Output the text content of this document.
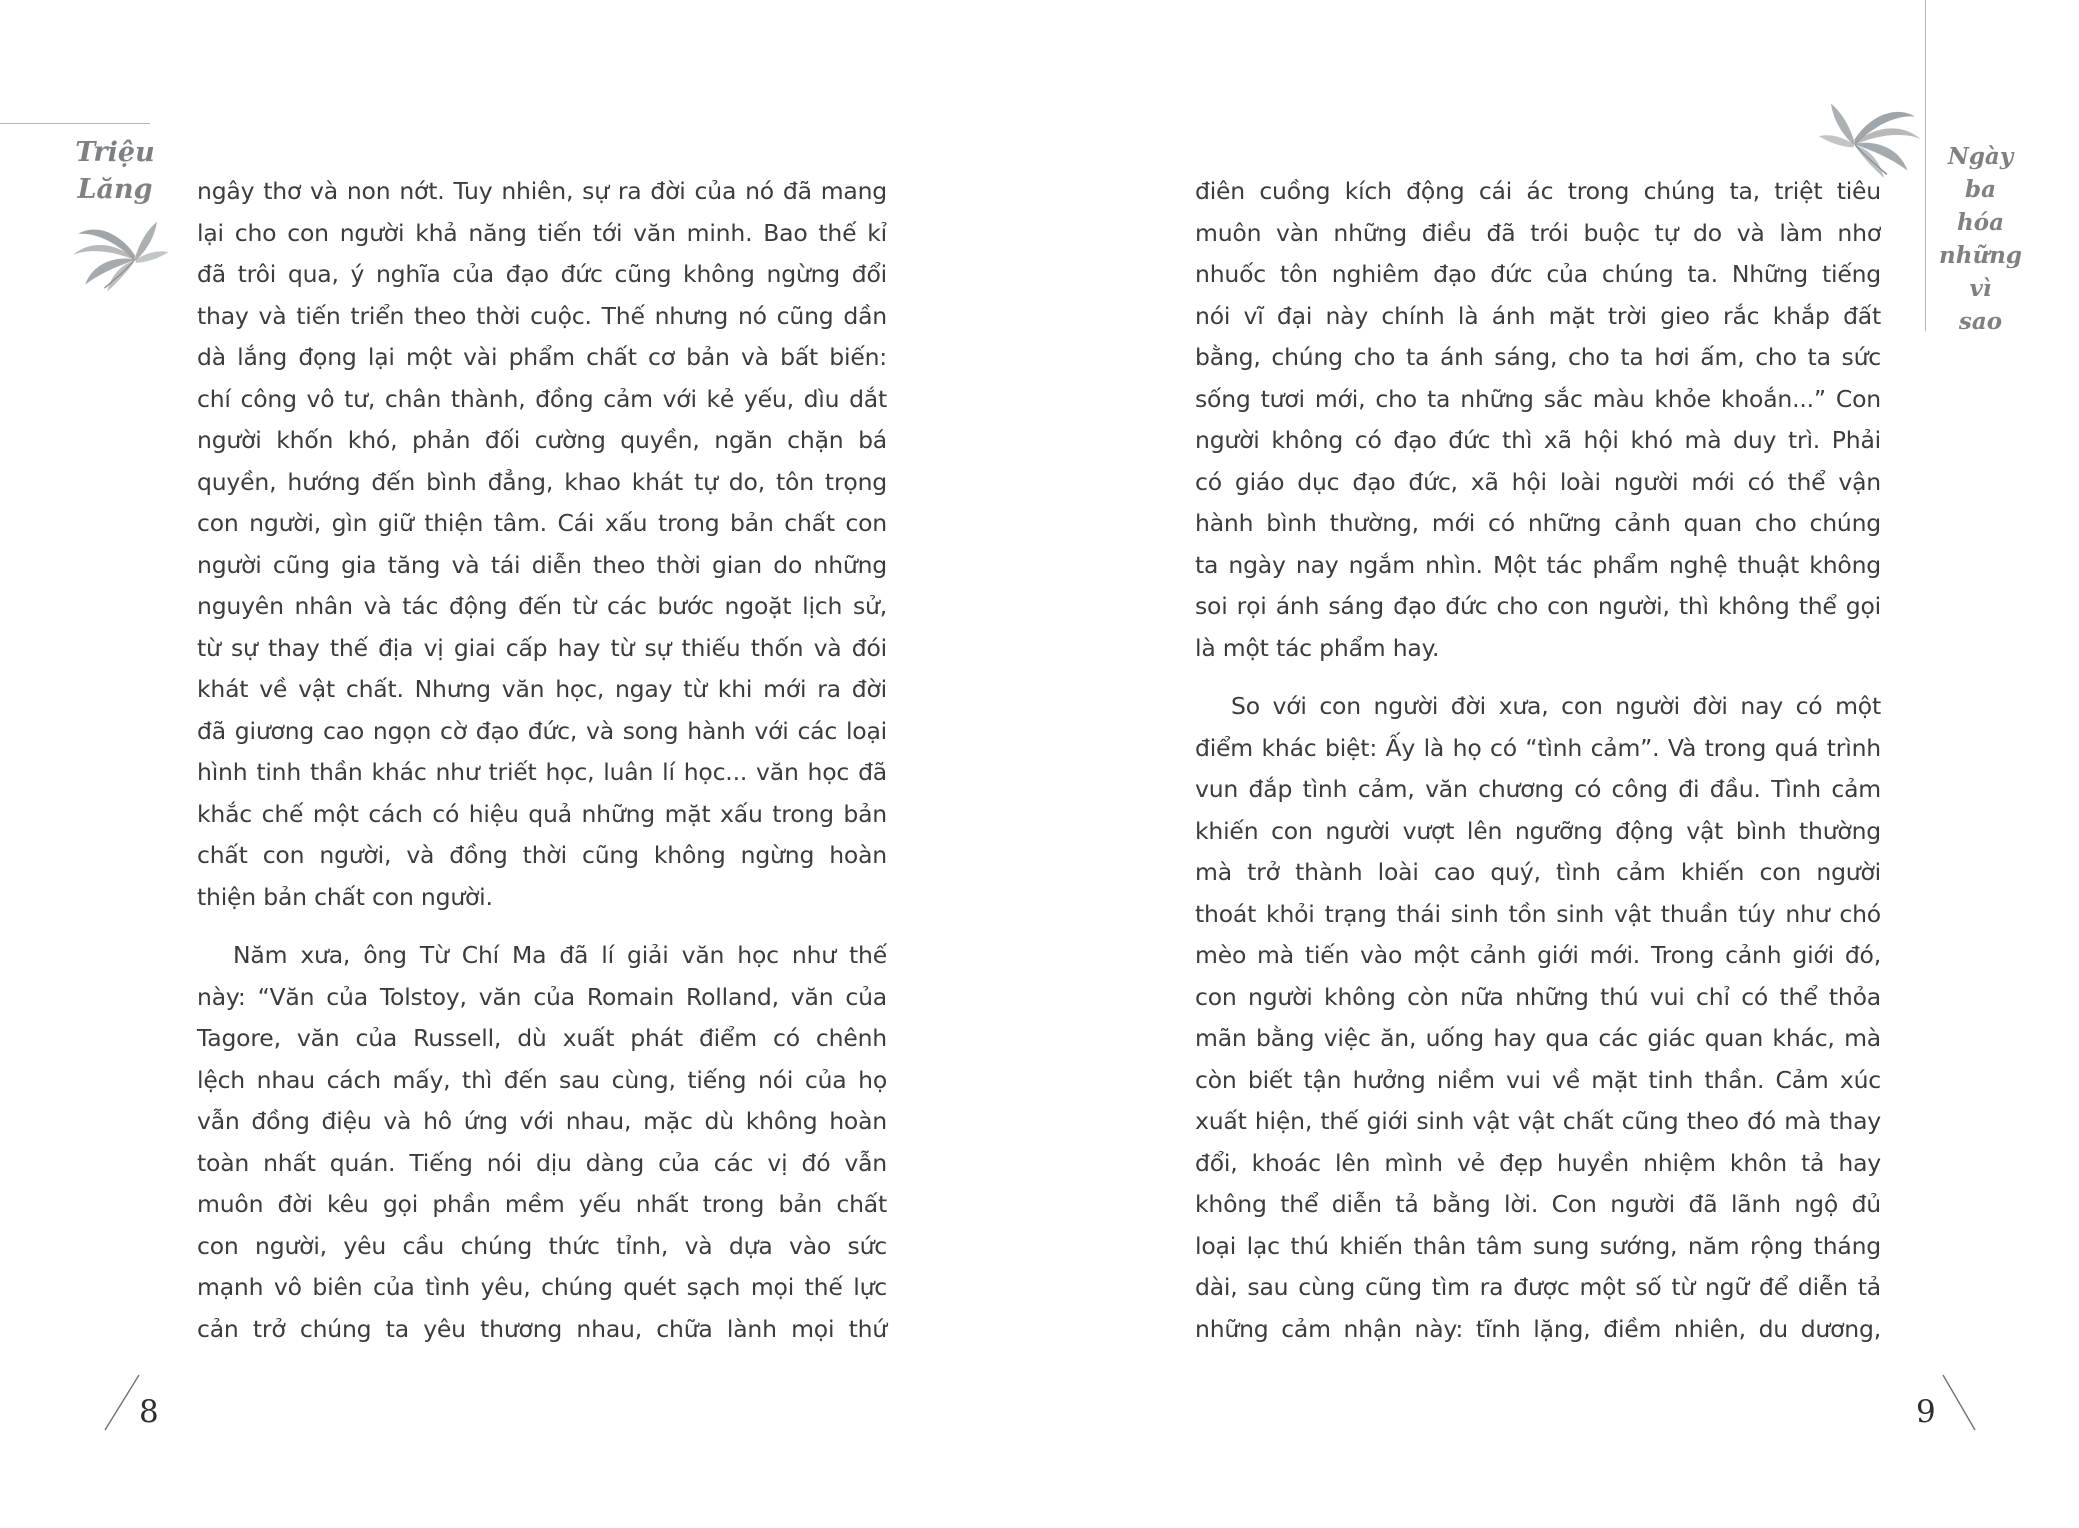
Triệu
Lăng
Ngày
ba
hóa
những
vì
sao
ngây thơ và non nớt. Tuy nhiên, sự ra đời của nó đã mang
lại cho con người khả năng tiến tới văn minh. Bao thế kỉ
đã trôi qua, ý nghĩa của đạo đức cũng không ngừng đổi
thay và tiến triển theo thời cuộc. Thế nhưng nó cũng dần
dà lắng đọng lại một vài phẩm chất cơ bản và bất biến:
chí công vô tư, chân thành, đồng cảm với kẻ yếu, dìu dắt
người khốn khó, phản đối cường quyền, ngăn chặn bá
quyền, hướng đến bình đẳng, khao khát tự do, tôn trọng
con người, gìn giữ thiện tâm. Cái xấu trong bản chất con
người cũng gia tăng và tái diễn theo thời gian do những
nguyên nhân và tác động đến từ các bước ngoặt lịch sử,
từ sự thay thế địa vị giai cấp hay từ sự thiếu thốn và đói
khát về vật chất. Nhưng văn học, ngay từ khi mới ra đời
đã giương cao ngọn cờ đạo đức, và song hành với các loại
hình tinh thần khác như triết học, luân lí học... văn học đã
khắc chế một cách có hiệu quả những mặt xấu trong bản
chất con người, và đồng thời cũng không ngừng hoàn
thiện bản chất con người.
Năm xưa, ông Từ Chí Ma đã lí giải văn học như thế
này: “Văn của Tolstoy, văn của Romain Rolland, văn của
Tagore, văn của Russell, dù xuất phát điểm có chênh
lệch nhau cách mấy, thì đến sau cùng, tiếng nói của họ
vẫn đồng điệu và hô ứng với nhau, mặc dù không hoàn
toàn nhất quán. Tiếng nói dịu dàng của các vị đó vẫn
muôn đời kêu gọi phần mềm yếu nhất trong bản chất
con người, yêu cầu chúng thức tỉnh, và dựa vào sức
mạnh vô biên của tình yêu, chúng quét sạch mọi thế lực
cản trở chúng ta yêu thương nhau, chữa lành mọi thứ
điên cuồng kích động cái ác trong chúng ta, triệt tiêu
muôn vàn những điều đã trói buộc tự do và làm nhơ
nhuốc tôn nghiêm đạo đức của chúng ta. Những tiếng
nói vĩ đại này chính là ánh mặt trời gieo rắc khắp đất
bằng, chúng cho ta ánh sáng, cho ta hơi ấm, cho ta sức
sống tươi mới, cho ta những sắc màu khỏe khoắn...” Con
người không có đạo đức thì xã hội khó mà duy trì. Phải
có giáo dục đạo đức, xã hội loài người mới có thể vận
hành bình thường, mới có những cảnh quan cho chúng
ta ngày nay ngắm nhìn. Một tác phẩm nghệ thuật không
soi rọi ánh sáng đạo đức cho con người, thì không thể gọi
là một tác phẩm hay.
So với con người đời xưa, con người đời nay có một
điểm khác biệt: Ấy là họ có “tình cảm”. Và trong quá trình
vun đắp tình cảm, văn chương có công đi đầu. Tình cảm
khiến con người vượt lên ngưỡng động vật bình thường
mà trở thành loài cao quý, tình cảm khiến con người
thoát khỏi trạng thái sinh tồn sinh vật thuần túy như chó
mèo mà tiến vào một cảnh giới mới. Trong cảnh giới đó,
con người không còn nữa những thú vui chỉ có thể thỏa
mãn bằng việc ăn, uống hay qua các giác quan khác, mà
còn biết tận hưởng niềm vui về mặt tinh thần. Cảm xúc
xuất hiện, thế giới sinh vật vật chất cũng theo đó mà thay
đổi, khoác lên mình vẻ đẹp huyền nhiệm khôn tả hay
không thể diễn tả bằng lời. Con người đã lãnh ngộ đủ
loại lạc thú khiến thân tâm sung sướng, năm rộng tháng
dài, sau cùng cũng tìm ra được một số từ ngữ để diễn tả
những cảm nhận này: tĩnh lặng, điềm nhiên, du dương,
8	9
